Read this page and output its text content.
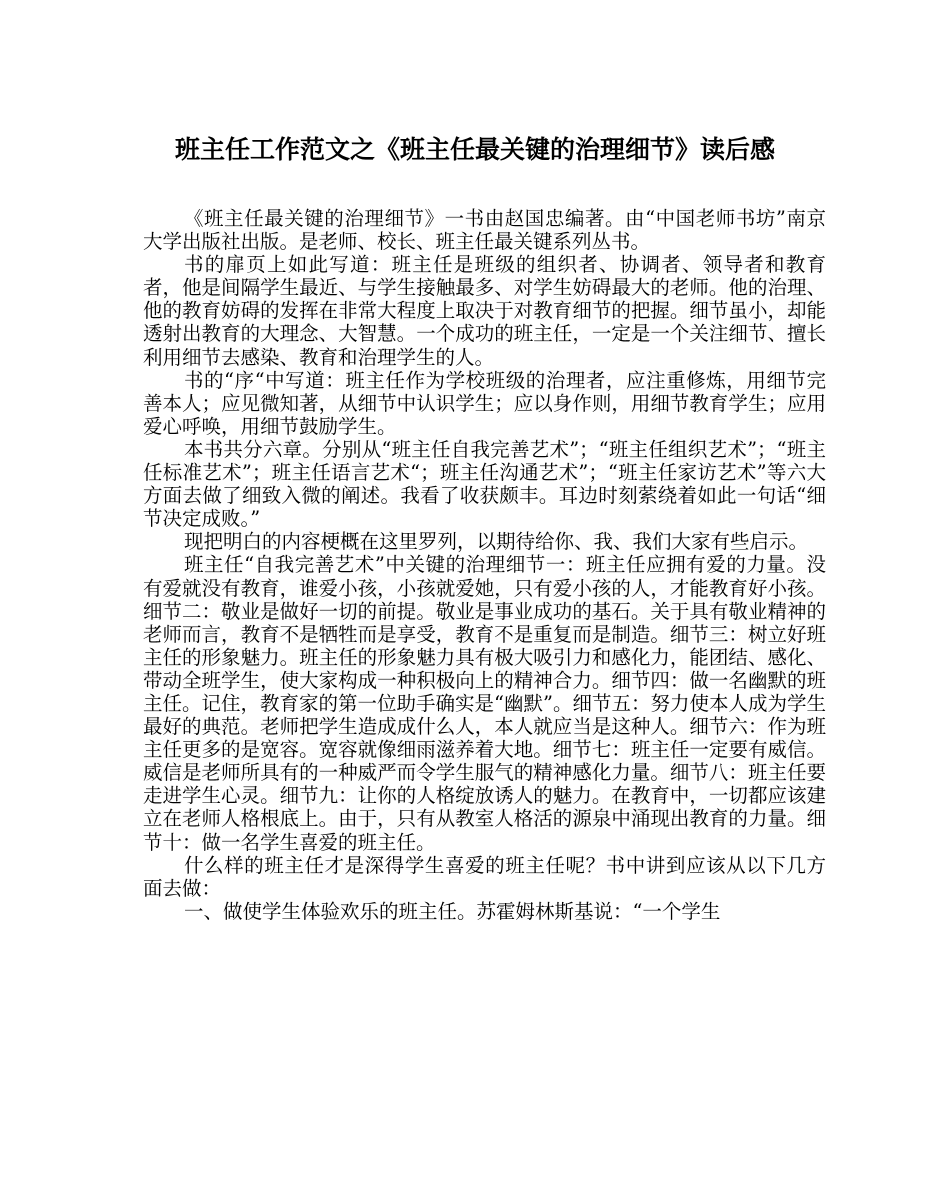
班主任工作范文之《班主任最关键的治理细节》读后感

《班主任最关键的治理细节》一书由赵国忠编著。由“中国老师书坊”南京大学出版社出版。是老师、校长、班主任最关键系列丛书。

书的扉页上如此写道：班主任是班级的组织者、协调者、领导者和教育者，他是间隔学生最近、与学生接触最多、对学生妨碍最大的老师。他的治理、他的教育妨碍的发挥在非常大程度上取决于对教育细节的把握。细节虽小，却能透射出教育的大理念、大智慧。一个成功的班主任，一定是一个关注细节、擅长利用细节去感染、教育和治理学生的人。

书的“序“中写道：班主任作为学校班级的治理者，应注重修炼，用细节完善本人；应见微知著，从细节中认识学生；应以身作则，用细节教育学生；应用爱心呼唤，用细节鼓励学生。

本书共分六章。分别从“班主任自我完善艺术”；“班主任组织艺术”；“班主任标准艺术”；班主任语言艺术“；班主任沟通艺术”；“班主任家访艺术”等六大方面去做了细致入微的阐述。我看了收获颇丰。耳边时刻萦绕着如此一句话“细节决定成败。”

现把明白的内容梗概在这里罗列，以期待给你、我、我们大家有些启示。

班主任“自我完善艺术”中关键的治理细节一：班主任应拥有爱的力量。没有爱就没有教育，谁爱小孩，小孩就爱她，只有爱小孩的人，才能教育好小孩。细节二：敬业是做好一切的前提。敬业是事业成功的基石。关于具有敬业精神的老师而言，教育不是牺牲而是享受，教育不是重复而是制造。细节三：树立好班主任的形象魅力。班主任的形象魅力具有极大吸引力和感化力，能团结、感化、带动全班学生，使大家构成一种积极向上的精神合力。细节四：做一名幽默的班主任。记住，教育家的第一位助手确实是“幽默”。细节五：努力使本人成为学生最好的典范。老师把学生造成成什么人，本人就应当是这种人。细节六：作为班主任更多的是宽容。宽容就像细雨滋养着大地。细节七：班主任一定要有威信。威信是老师所具有的一种威严而令学生服气的精神感化力量。细节八：班主任要走进学生心灵。细节九：让你的人格绽放诱人的魅力。在教育中，一切都应该建立在老师人格根底上。由于，只有从教室人格活的源泉中涌现出教育的力量。细节十：做一名学生喜爱的班主任。

什么样的班主任才是深得学生喜爱的班主任呢？书中讲到应该从以下几方面去做：

一、做使学生体验欢乐的班主任。苏霍姆林斯基说：“一个学生
